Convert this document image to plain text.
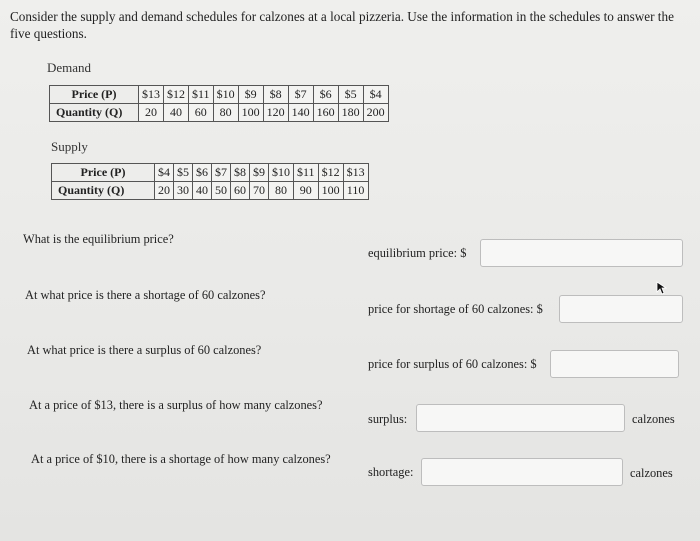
Consider the supply and demand schedules for calzones at a local pizzeria. Use the information in the schedules to answer the
five questions.
Demand
Price (P)	$13	$12	$11	$10	$9	$8	$7	$6	$5	$4
Quantity (Q)	20	40	60	80	100	120	140	160	180	200
Supply
Price (P)	$4	$5	$6	$7	$8	$9	$10	$11	$12	$13
Quantity (Q)	20	30	40	50	60	70	80	90	100	110
What is the equilibrium price?
equilibrium price: $
At what price is there a shortage of 60 calzones?
price for shortage of 60 calzones: $
At what price is there a surplus of 60 calzones?
price for surplus of 60 calzones: $
At a price of $13, there is a surplus of how many calzones?
surplus:	calzones
At a price of $10, there is a shortage of how many calzones?
shortage:	calzones
